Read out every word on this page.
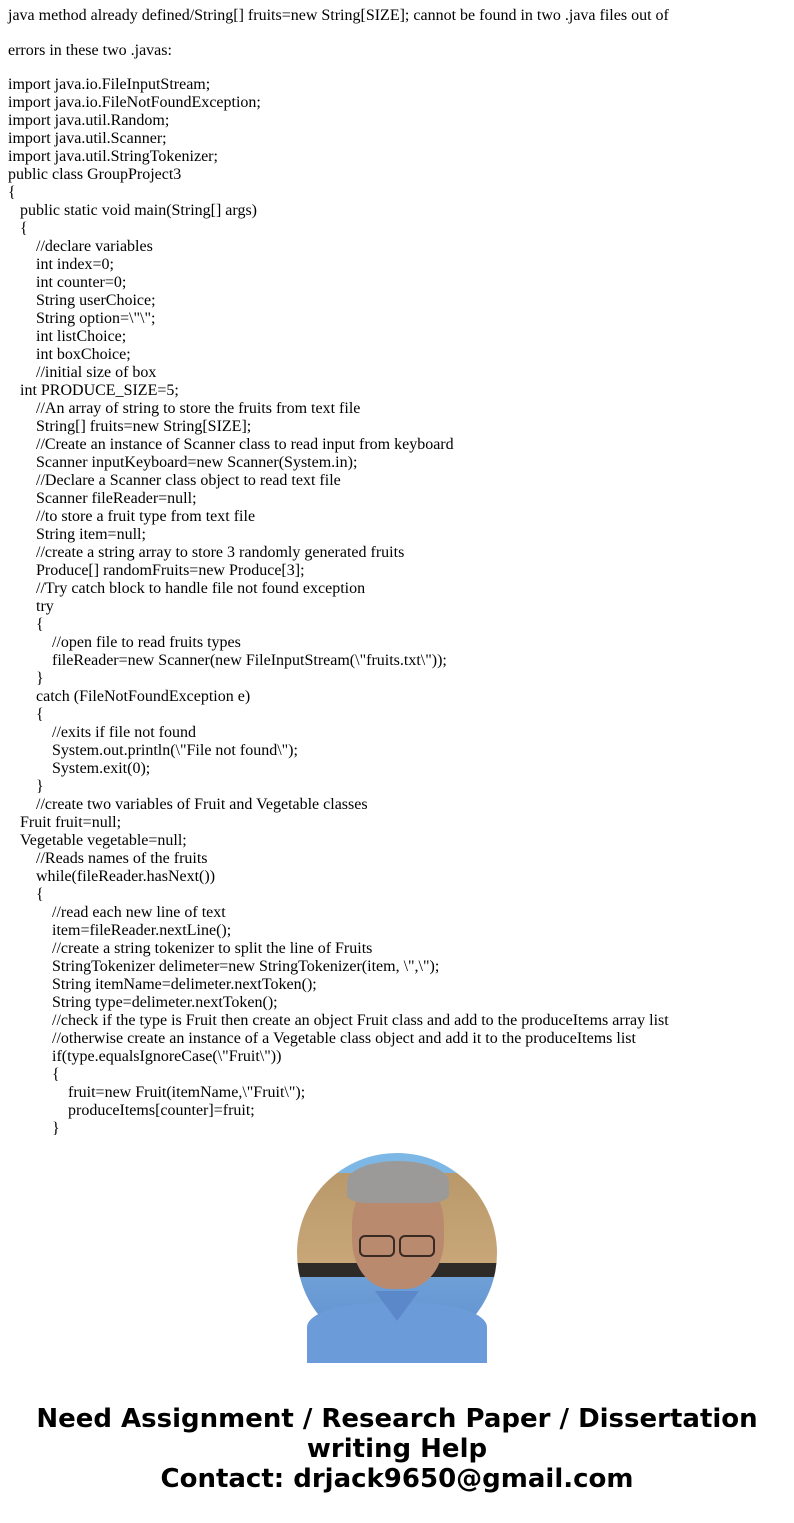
java method already defined/String[] fruits=new String[SIZE]; cannot be found in two .java files out of
errors in these two .javas:
import java.io.FileInputStream;
import java.io.FileNotFoundException;
import java.util.Random;
import java.util.Scanner;
import java.util.StringTokenizer;
public class GroupProject3
{
public static void main(String[] args)
{
//declare variables
int index=0;
int counter=0;
String userChoice;
String option=\"\";
int listChoice;
int boxChoice;
//initial size of box
int PRODUCE_SIZE=5;
//An array of string to store the fruits from text file
String[] fruits=new String[SIZE];
//Create an instance of Scanner class to read input from keyboard
Scanner inputKeyboard=new Scanner(System.in);
//Declare a Scanner class object to read text file
Scanner fileReader=null;
//to store a fruit type from text file
String item=null;
//create a string array to store 3 randomly generated fruits
Produce[] randomFruits=new Produce[3];
//Try catch block to handle file not found exception
try
{
//open file to read fruits types
fileReader=new Scanner(new FileInputStream(\"fruits.txt\"));
}
catch (FileNotFoundException e)
{
//exits if file not found
System.out.println(\"File not found\");
System.exit(0);
}
//create two variables of Fruit and Vegetable classes
Fruit fruit=null;
Vegetable vegetable=null;
//Reads names of the fruits
while(fileReader.hasNext())
{
//read each new line of text
item=fileReader.nextLine();
//create a string tokenizer to split the line of Fruits
StringTokenizer delimeter=new StringTokenizer(item, \",\");
String itemName=delimeter.nextToken();
String type=delimeter.nextToken();
//check if the type is Fruit then create an object Fruit class and add to the produceItems array list
//otherwise create an instance of a Vegetable class object and add it to the produceItems list
if(type.equalsIgnoreCase(\"Fruit\"))
{
fruit=new Fruit(itemName,\"Fruit\");
produceItems[counter]=fruit;
}
Need Assignment / Research Paper / Dissertation
writing Help
Contact: drjack9650@gmail.com
